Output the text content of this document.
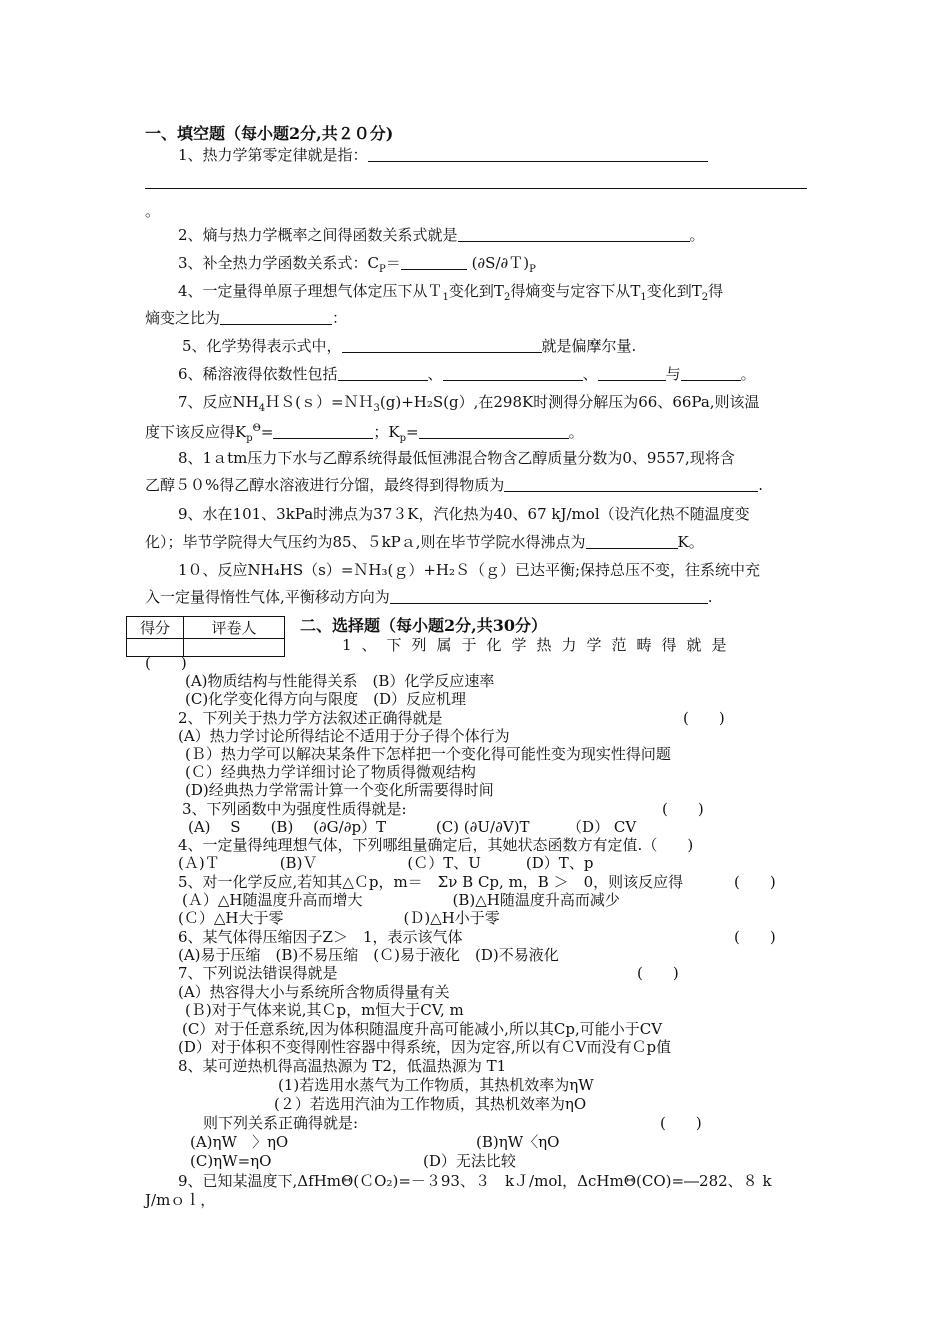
一、填空题（每小题2分,共２０分)
1、热力学第零定律就是指：
。
2、熵与热力学概率之间得函数关系式就是	。
3、补全热力学函数关系式：$C_P=$	$(\partial S/\partial T)_P$
4、一定量得单原子理想气体定压下从Ｔ$_1$变化到$T_2$得熵变与定容下从$T_1$变化到$T_2$得
熵变之比为	：
5、化学势得表示式中，	就是偏摩尔量.
6、稀溶液得依数性包括	、	、	与	。
7、反应$NH_4HS(s)=NH_3(g)+H_2S(g)$,在298K时测得分解压为66、66Pa,则该温
度下该反应得$K_p^\Theta=$	；$K_p=$	。
8、1ａtm压力下水与乙醇系统得最低恒沸混合物含乙醇质量分数为0、9557,现将含
乙醇５０%得乙醇水溶液进行分馏，最终得到得物质为	.
9、水在101、3kPa时沸点为37３K，汽化热为40、67 kJ/mol（设汽化热不随温度变
化）；毕节学院得大气压约为85、５kPａ,则在毕节学院水得沸点为	K。
1０、反应NH₄HS（s）=ＮH₃(ｇ）+H₂Ｓ（ｇ）已达平衡;保持总压不变，往系统中充
入一定量得惰性气体,平衡移动方向为	.
得分	评卷人
		二、选择题（每小题2分,共30分）
1、下列属于化学热力学范畴得就是
(　　)
(A)物质结构与性能得关系　(B）化学反应速率
(C)化学变化得方向与限度　(D）反应机理
2、下列关于热力学方法叙述正确得就是	(　　)
(A）热力学讨论所得结论不适用于分子得个体行为
(Ｂ）热力学可以解决某条件下怎样把一个变化得可能性变为现实性得问题
(Ｃ）经典热力学详细讨论了物质得微观结构
(D)经典热力学常需计算一个变化所需要得时间
3、下列函数中为强度性质得就是:	(　　)
(A)　 S　　(B)　 (∂G/∂p）T　　　 (C) (∂U/∂V)T　　　（D） CV
4、一定量得纯理想气体，下列哪组量确定后，其她状态函数方有定值.（　　)
(Ａ)Ｔ　　　　(B)Ｖ　　　　　　(Ｃ）T、U　　　(D）T、p
5、对一化学反应,若知其△Ｃp，m＝　Σν B Cp, m，B ＞　0，则该反应得	(　　)
(Ａ）△H随温度升高而增大　　　　　　(B)△H随温度升高而减少
(Ｃ）△H大于零　　　　　　　　(Ｄ)△H小于零
6、某气体得压缩因子Z＞　1，表示该气体	(　　)
(A)易于压缩　(B)不易压缩　(Ｃ)易于液化　(D)不易液化
7、下列说法错误得就是	(　　)
(A）热容得大小与系统所含物质得量有关
(Ｂ)对于气体来说,其Ｃp，m恒大于CV, m
(C）对于任意系统,因为体积随温度升高可能减小,所以其Cp,可能小于CV
(D）对于体积不变得刚性容器中得系统，因为定容,所以有ＣV而没有Ｃp值
8、某可逆热机得高温热源为 T2，低温热源为 T1
(1)若选用水蒸气为工作物质，其热机效率为ηW
(２）若选用汽油为工作物质，其热机效率为ηO
则下列关系正确得就是:	(　　)
(A)ηW　〉ηO	(B)ηW〈ηO
(C)ηW=ηO	(D）无法比较
9、已知某温度下,ΔfHmΘ(ＣO₂)=－３93、３　kＪ/mol，ΔcHmΘ(CO)=―282、８ k
J/mｏｌ，
